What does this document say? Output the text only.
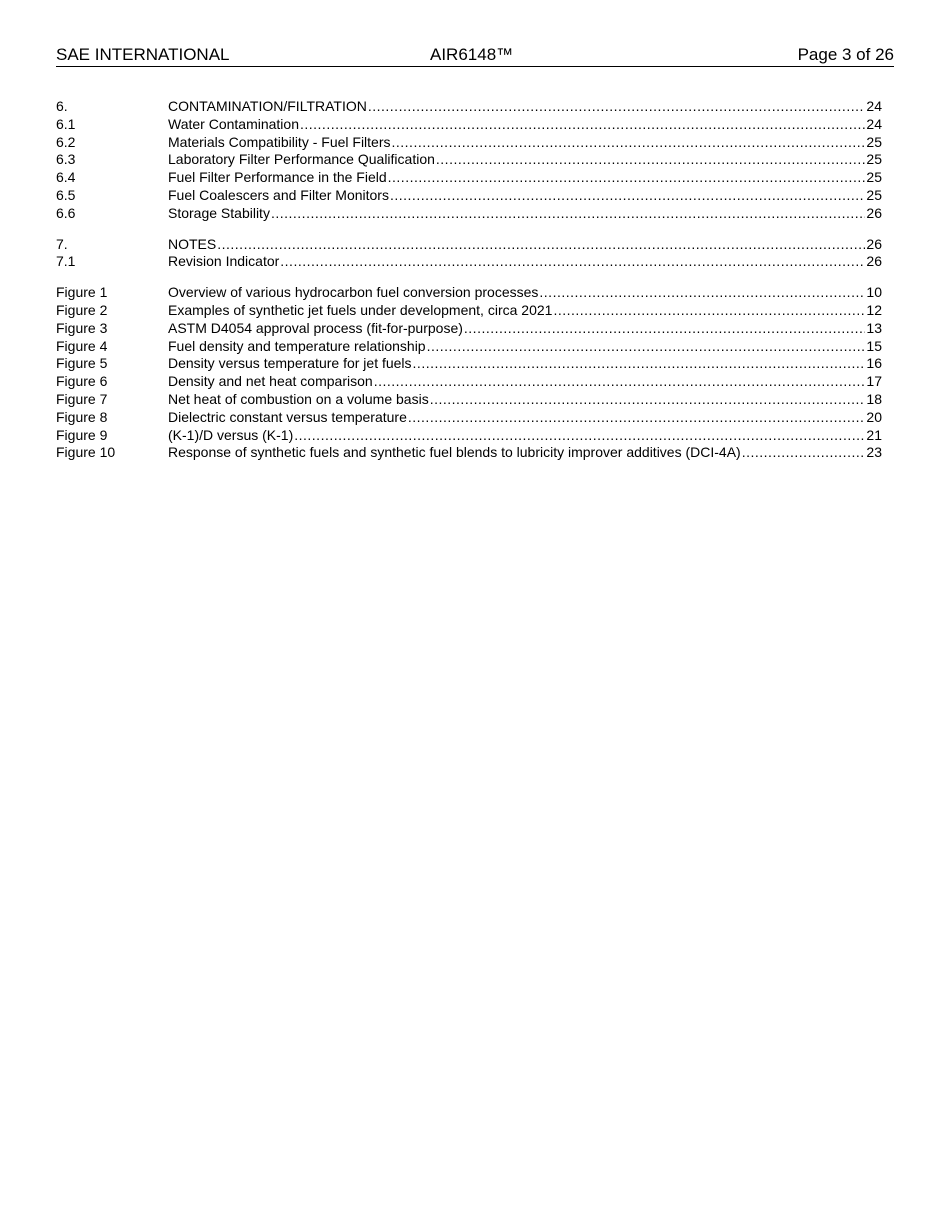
SAE INTERNATIONAL	AIR6148™	Page 3 of 26
6.	CONTAMINATION/FILTRATION .....	24
6.1	Water Contamination .....	24
6.2	Materials Compatibility - Fuel Filters .....	25
6.3	Laboratory Filter Performance Qualification .....	25
6.4	Fuel Filter Performance in the Field .....	25
6.5	Fuel Coalescers and Filter Monitors .....	25
6.6	Storage Stability .....	26
7.	NOTES .....	26
7.1	Revision Indicator .....	26
Figure 1	Overview of various hydrocarbon fuel conversion processes .....	10
Figure 2	Examples of synthetic jet fuels under development, circa 2021 .....	12
Figure 3	ASTM D4054 approval process (fit-for-purpose) .....	13
Figure 4	Fuel density and temperature relationship .....	15
Figure 5	Density versus temperature for jet fuels .....	16
Figure 6	Density and net heat comparison .....	17
Figure 7	Net heat of combustion on a volume basis .....	18
Figure 8	Dielectric constant versus temperature .....	20
Figure 9	(K-1)/D versus (K-1) .....	21
Figure 10	Response of synthetic fuels and synthetic fuel blends to lubricity improver additives (DCI-4A) .....	23
